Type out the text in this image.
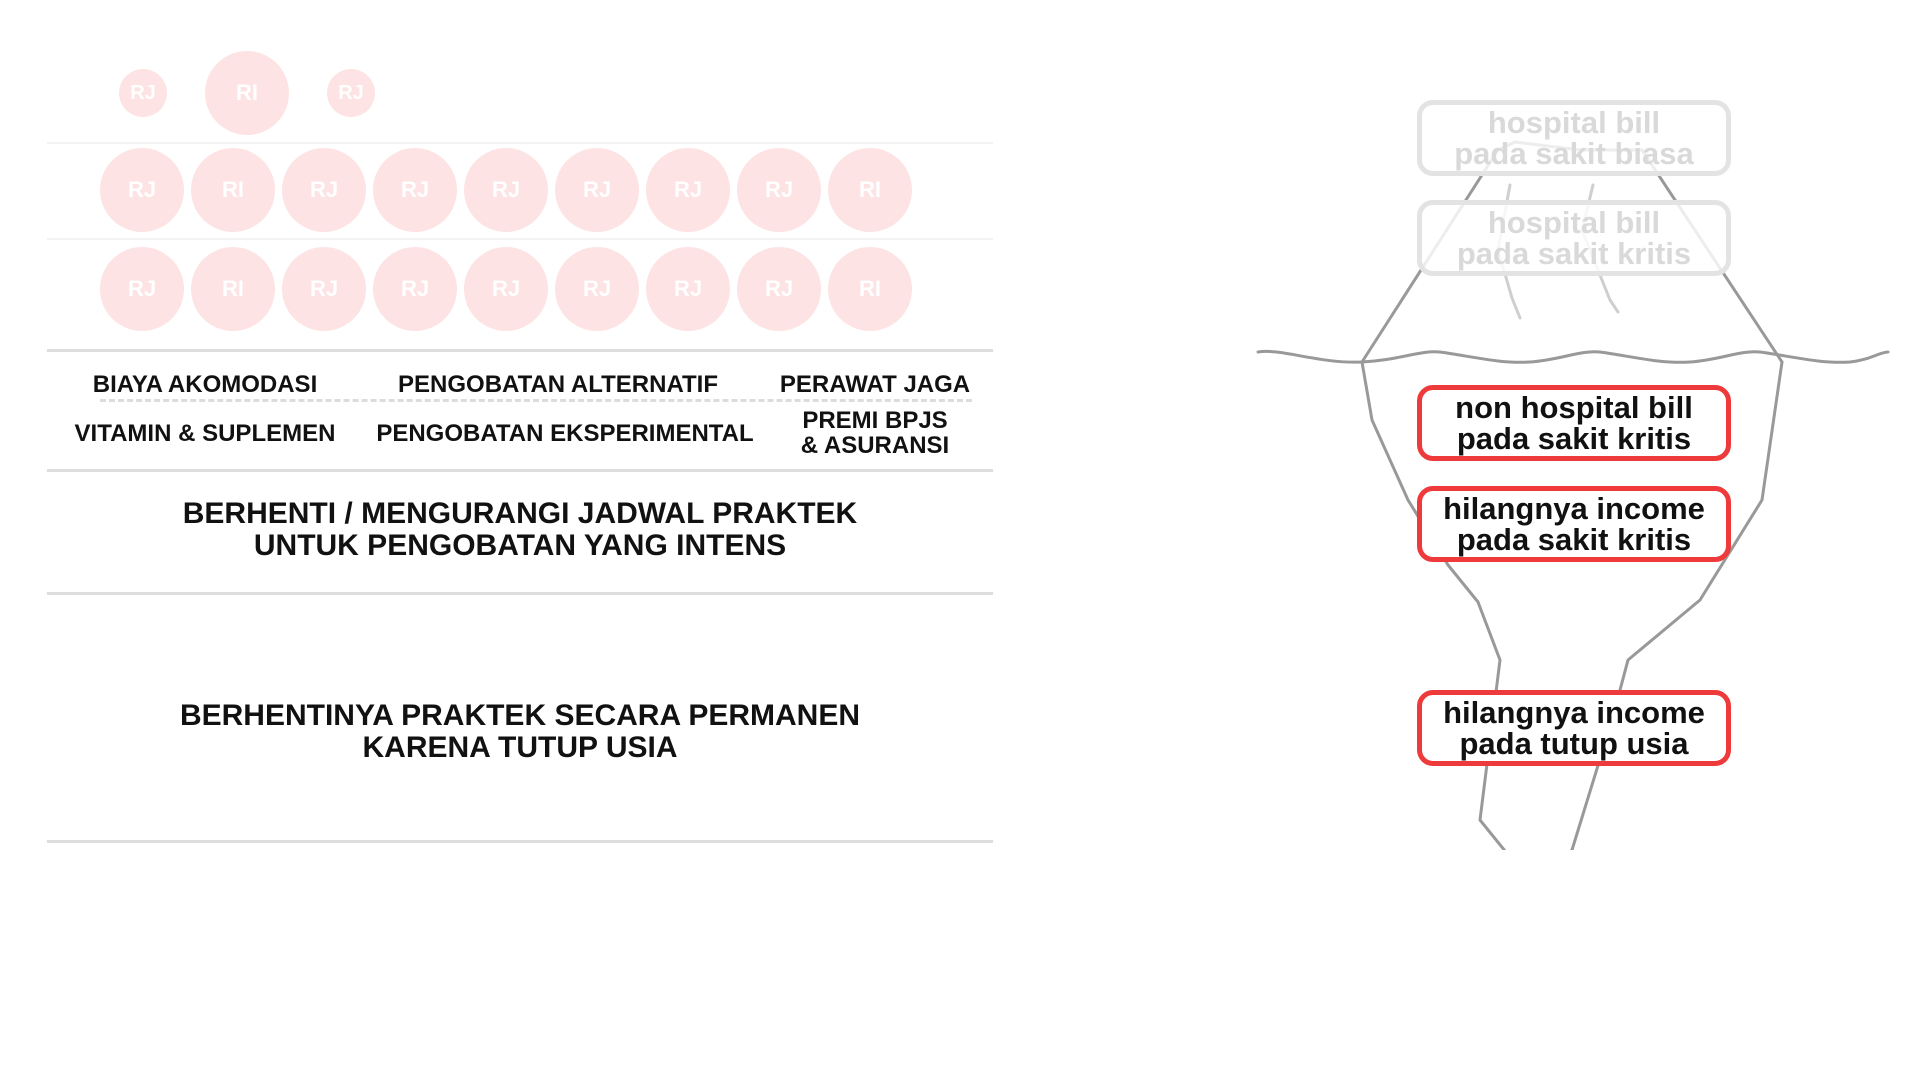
RJ	RI	RJ
RJ	RI	RJ	RJ	RJ	RJ	RJ	RJ	RI
RJ	RI	RJ	RJ	RJ	RJ	RJ	RJ	RI
BIAYA AKOMODASI	PENGOBATAN ALTERNATIF	PERAWAT JAGA
VITAMIN & SUPLEMEN	PENGOBATAN EKSPERIMENTAL	PREMI BPJS
& ASURANSI
BERHENTI / MENGURANGI JADWAL PRAKTEK
UNTUK PENGOBATAN YANG INTENS
BERHENTINYA PRAKTEK SECARA PERMANEN
KARENA TUTUP USIA
hospital bill
pada sakit biasa
hospital bill
pada sakit kritis
non hospital bill
pada sakit kritis
hilangnya income
pada sakit kritis
hilangnya income
pada tutup usia
